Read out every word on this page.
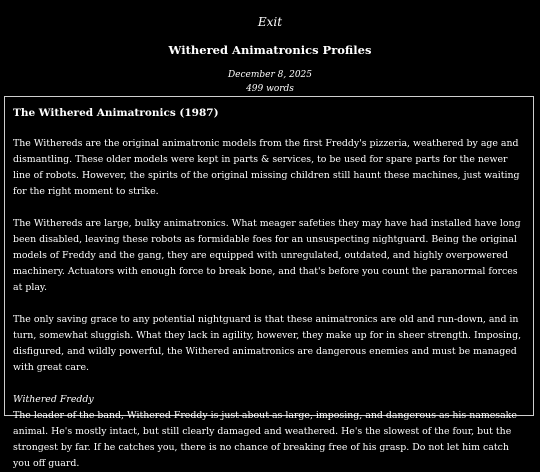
Exit
Withered Animatronics Profiles
December 8, 2025
499 words
The Withered Animatronics (1987)

The Withereds are the original animatronic models from the first Freddy's pizzeria, weathered by age and dismantling. These older models were kept in parts & services, to be used for spare parts for the newer line of robots. However, the spirits of the original missing children still haunt these machines, just waiting for the right moment to strike.

The Withereds are large, bulky animatronics. What meager safeties they may have had installed have long been disabled, leaving these robots as formidable foes for an unsuspecting nightguard. Being the original models of Freddy and the gang, they are equipped with unregulated, outdated, and highly overpowered machinery. Actuators with enough force to break bone, and that's before you count the paranormal forces at play.

The only saving grace to any potential nightguard is that these animatronics are old and run-down, and in turn, somewhat sluggish. What they lack in agility, however, they make up for in sheer strength. Imposing, disfigured, and wildly powerful, the Withered animatronics are dangerous enemies and must be managed with great care.

Withered Freddy

The leader of the band, Withered Freddy is just about as large, imposing, and dangerous as his namesake animal. He's mostly intact, but still clearly damaged and weathered. He's the slowest of the four, but the strongest by far. If he catches you, there is no chance of breaking free of his grasp. Do not let him catch you off guard.
